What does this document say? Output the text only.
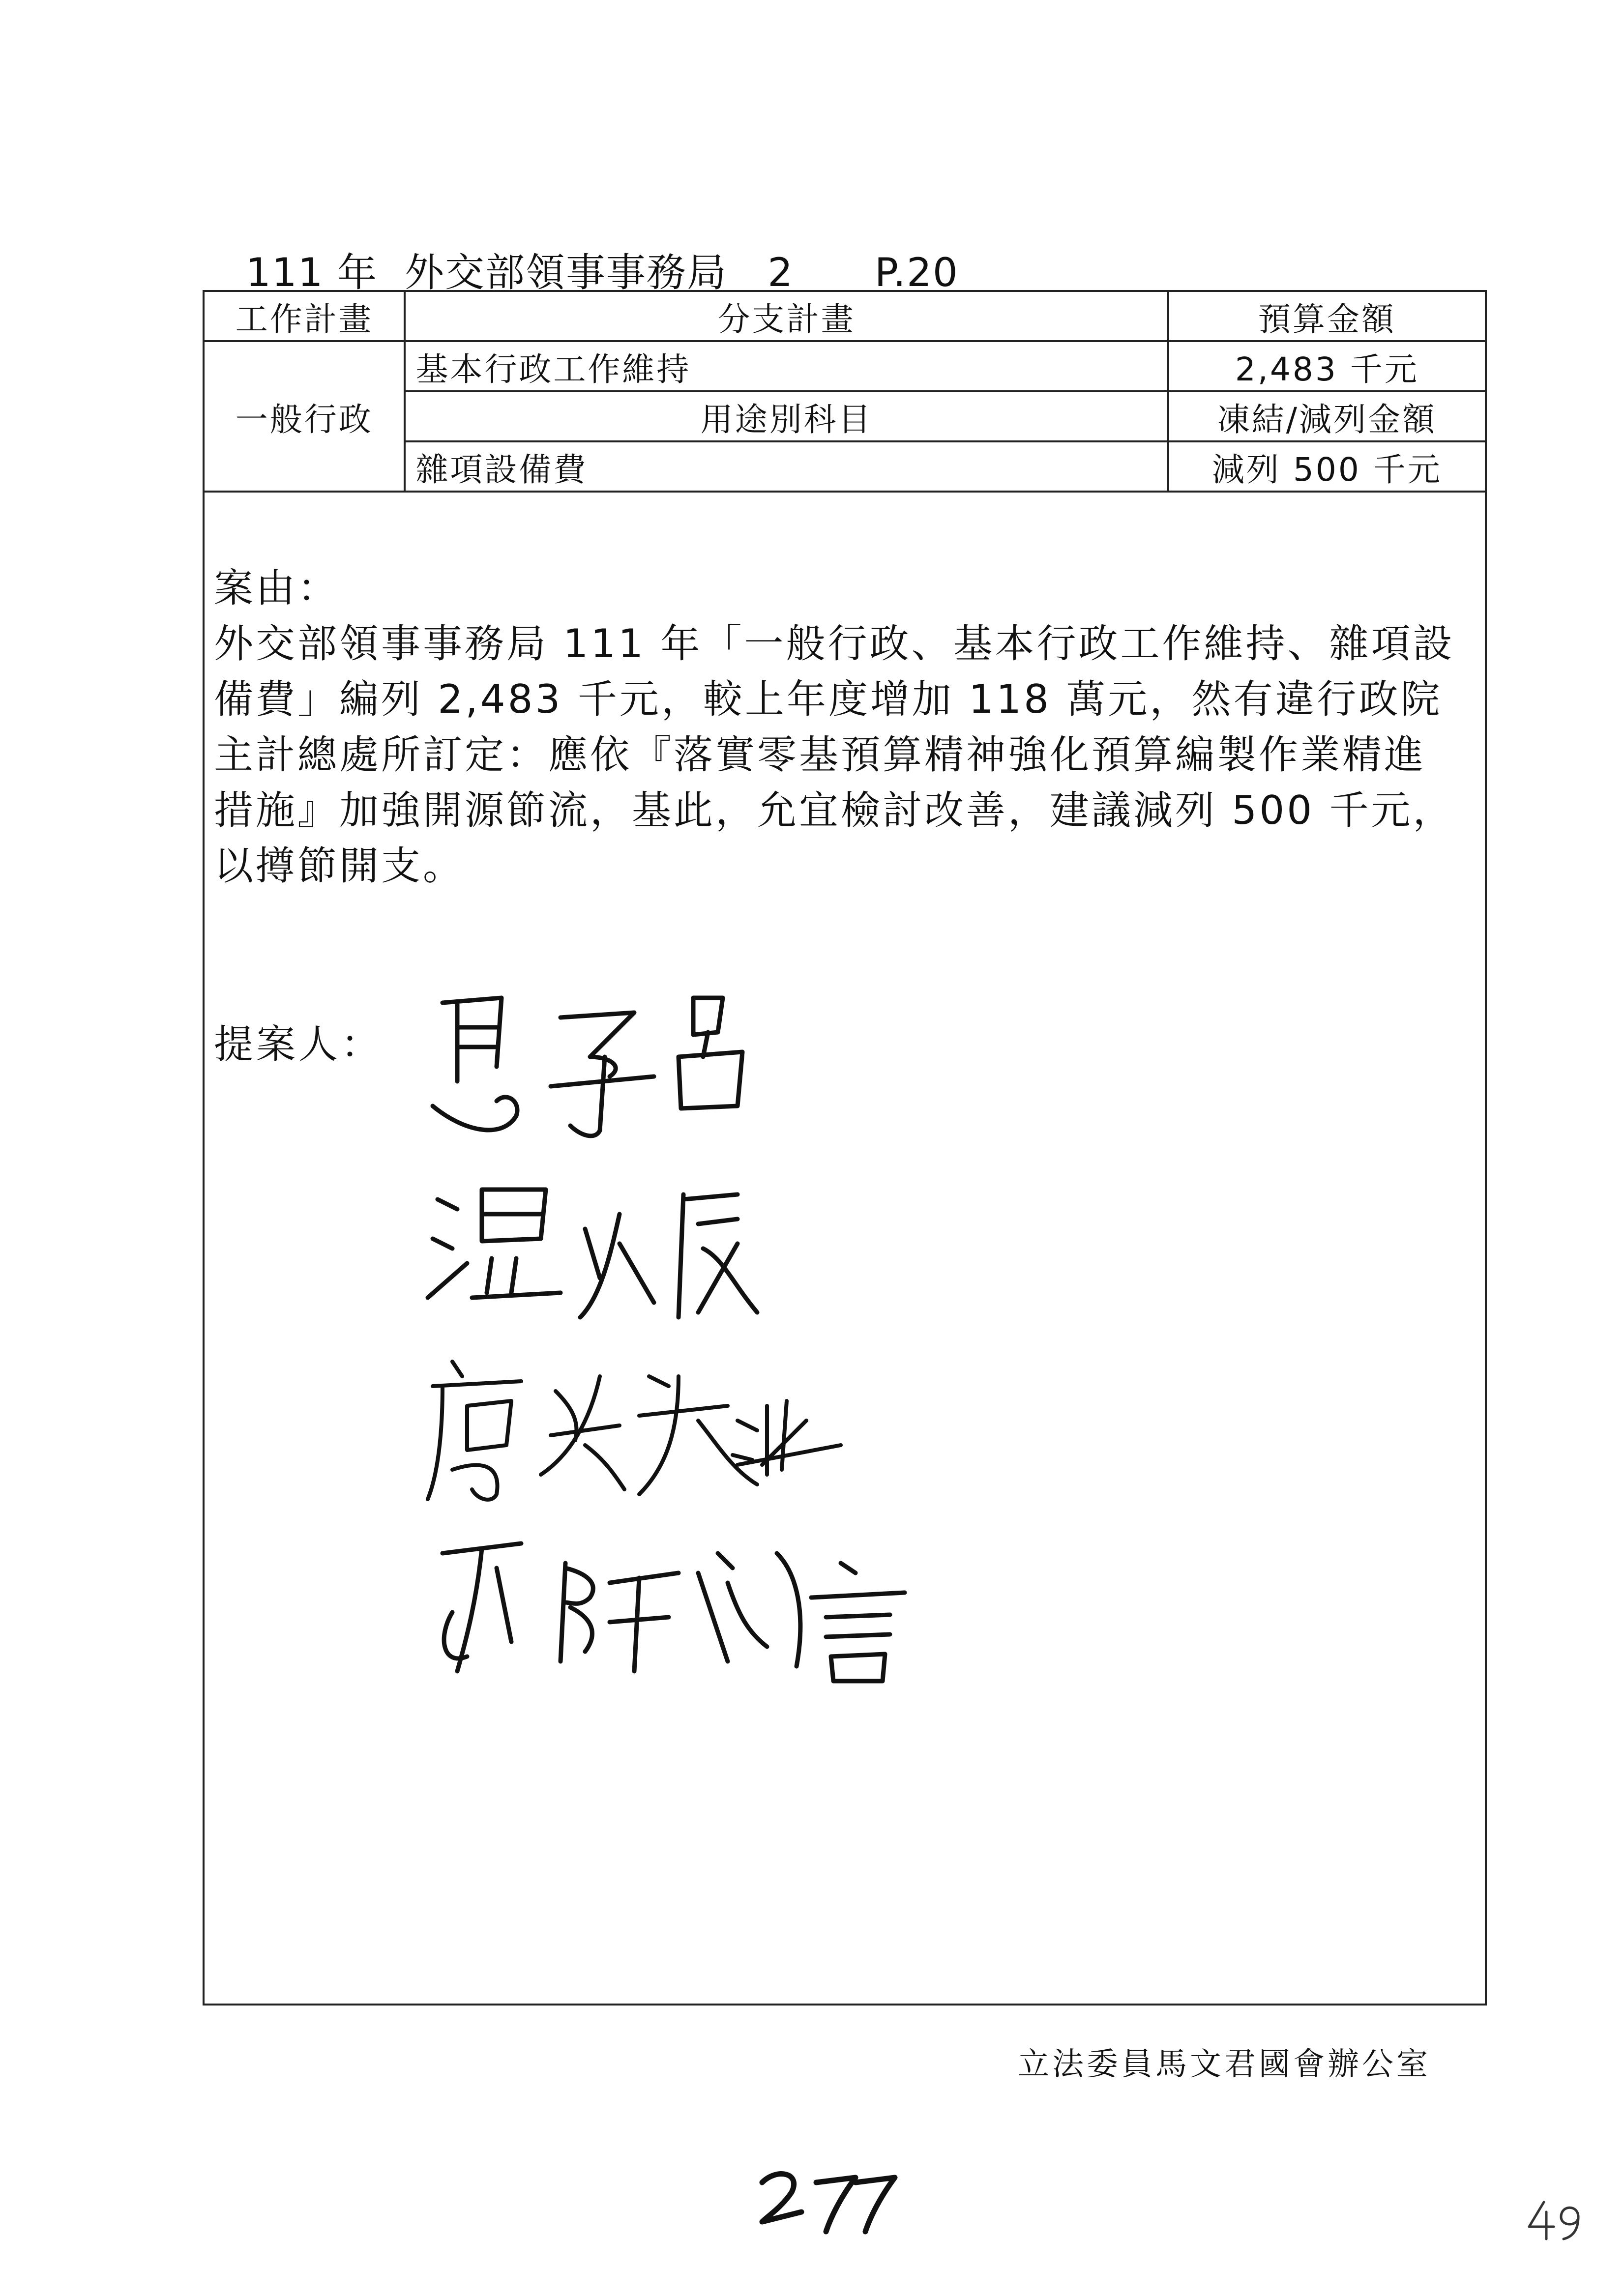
111 年 外交部領事事務局 2 P.20
工作計畫	分支計畫	預算金額
一般行政	基本行政工作維持	2,483 千元
	用途別科目	凍結/減列金額
	雜項設備費	減列 500 千元

案由：

外交部領事事務局 111 年「一般行政、基本行政工作維持、雜項設

備費」編列 2,483 千元，較上年度增加 118 萬元，然有違行政院

主計總處所訂定：應依『落實零基預算精神強化預算編製作業精進

措施』加強開源節流，基此，允宜檢討改善，建議減列 500 千元，

以撙節開支。

提案人：
立法委員馬文君國會辦公室
